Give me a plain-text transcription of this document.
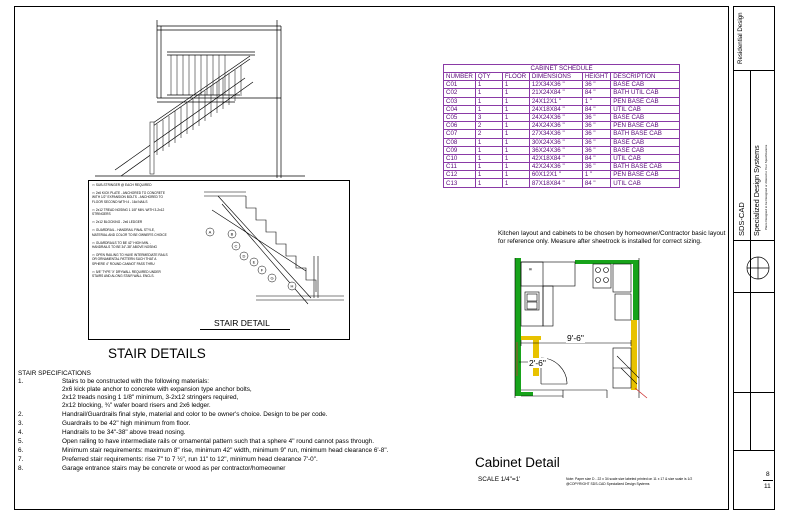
▭ SUB-STRINGER @ EACH REQUIRED
▭ 2x6 KICK PLATE - ANCHORED TO CONCRETE WITH 1/2" EXPANSION BOLTS - ANCHORED TO FLOOR SECOND WITH 4 - 16d NAILS
▭ 2x12 TREAD NOSING 1 1/8" MIN. WITH 3-2x12 STRINGERS
▭ 2x12 BLOCKING - 2x6 LEDGER
▭ GUARDRAIL - HANDRAIL FINAL STYLE, MATERIAL AND COLOR TO BE OWNER'S CHOICE
▭ GUARDRAILS TO BE 42" HIGH MIN. - HANDRAILS TO BE 34"-38" ABOVE NOSING
▭ OPEN RAILING TO HAVE INTERMEDIATE RAILS OR ORNAMENTAL PATTERN SUCH THAT A SPHERE 4" ROUND CANNOT PASS THRU
▭ 5/8" TYPE 'X' DRYWALL REQUIRED UNDER STAIRS AND ALONG STAIR WALL ENCLS.
A	B
C
D
E
F
G
H
STAIR DETAIL
STAIR DETAILS
STAIR SPECIFICATIONS
1.	Stairs to be constructed with the following materials:
2x6 kick plate anchor to concrete with expansion type anchor bolts,
2x12 treads nosing 1 1/8" minimum, 3-2x12 stringers required,
2x12 blocking, ¾" wafer board risers and 2x6 ledger.
2.	Handrail/Guardrails final style, material and color to be owner's choice. Design to be per code.
3.	Guardrails to be 42" high minimum from floor.
4.	Handrails to be 34"-38" above tread nosing.
5.	Open railing to have intermediate rails or ornamental pattern such that a sphere 4" round cannot pass through.
6.	Minimum stair requirements: maximum 8" rise, minimum 42" width, minimum 9" run, minimum head clearance 6'-8".
7.	Preferred stair requirements: rise 7" to 7 ½", run 11" to 12", minimum head clearance 7'-0".
8.	Garage entrance stairs may be concrete or wood as per contractor/homeowner
CABINET SCHEDULE
NUMBER	QTY	FLOOR	DIMENSIONS	HEIGHT	DESCRIPTION
C01	1	1	12X34X36 "	36 "	BASE CAB
C02	1	1	21X24X84 "	84 "	BATH UTIL CAB
C03	1	1	24X12X1 "	1 "	PEN BASE CAB
C04	1	1	24X18X84 "	84 "	UTIL CAB
C05	3	1	24X24X36 "	36 "	BASE CAB
C06	2	1	24X24X36 "	36 "	PEN BASE CAB
C07	2	1	27X34X36 "	36 "	BATH BASE CAB
C08	1	1	30X24X36 "	36 "	BASE CAB
C09	1	1	36X24X36 "	36 "	BASE CAB
C10	1	1	42X18X84 "	84 "	UTIL CAB
C11	1	1	42X24X36 "	36 "	BATH BASE CAB
C12	1	1	60X12X1 "	1 "	PEN BASE CAB
C13	1	1	87X18X84 "	84 "	UTIL CAB
Kitchen layout and cabinets to be chosen by homeowner/Contractor basic layout for reference only. Measure after sheetrock is installed for correct sizing.
▤
9'-6"
2'-6"
Cabinet Detail
SCALE 1/4"=1'	Note: Paper size D - 22 x 34 scale size labeled printed on 11 x 17 & size scale is 1/2
@COPYRIGHT SDS-CAD Specialized Design Systems
Residential Design
SDS-CAD Specialized Design Systems Plans Designed to be Designed or Altered to Your Specifications
8
11
